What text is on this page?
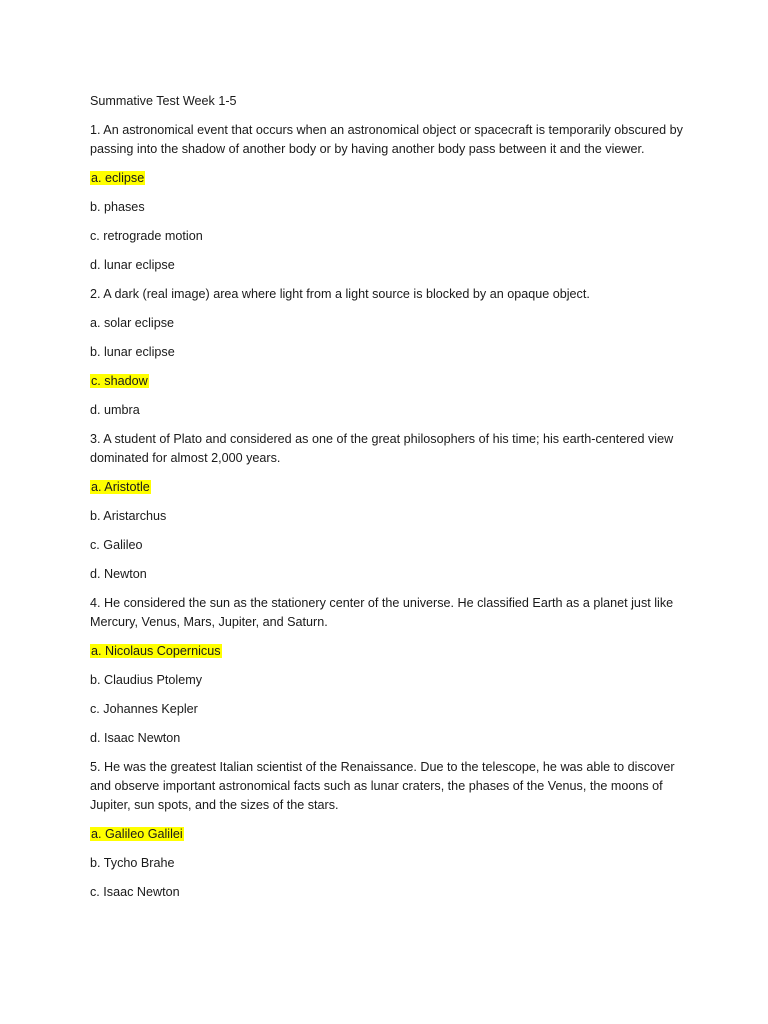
Summative Test Week 1-5
1. An astronomical event that occurs when an astronomical object or spacecraft is temporarily obscured by passing into the shadow of another body or by having another body pass between it and the viewer.
a. eclipse
b. phases
c. retrograde motion
d. lunar eclipse
2. A dark (real image) area where light from a light source is blocked by an opaque object.
a. solar eclipse
b. lunar eclipse
c. shadow
d. umbra
3. A student of Plato and considered as one of the great philosophers of his time; his earth-centered view dominated for almost 2,000 years.
a. Aristotle
b. Aristarchus
c. Galileo
d. Newton
4. He considered the sun as the stationery center of the universe. He classified Earth as a planet just like Mercury, Venus, Mars, Jupiter, and Saturn.
a. Nicolaus Copernicus
b. Claudius Ptolemy
c. Johannes Kepler
d. Isaac Newton
5. He was the greatest Italian scientist of the Renaissance. Due to the telescope, he was able to discover and observe important astronomical facts such as lunar craters, the phases of the Venus, the moons of Jupiter, sun spots, and the sizes of the stars.
a. Galileo Galilei
b. Tycho Brahe
c. Isaac Newton
